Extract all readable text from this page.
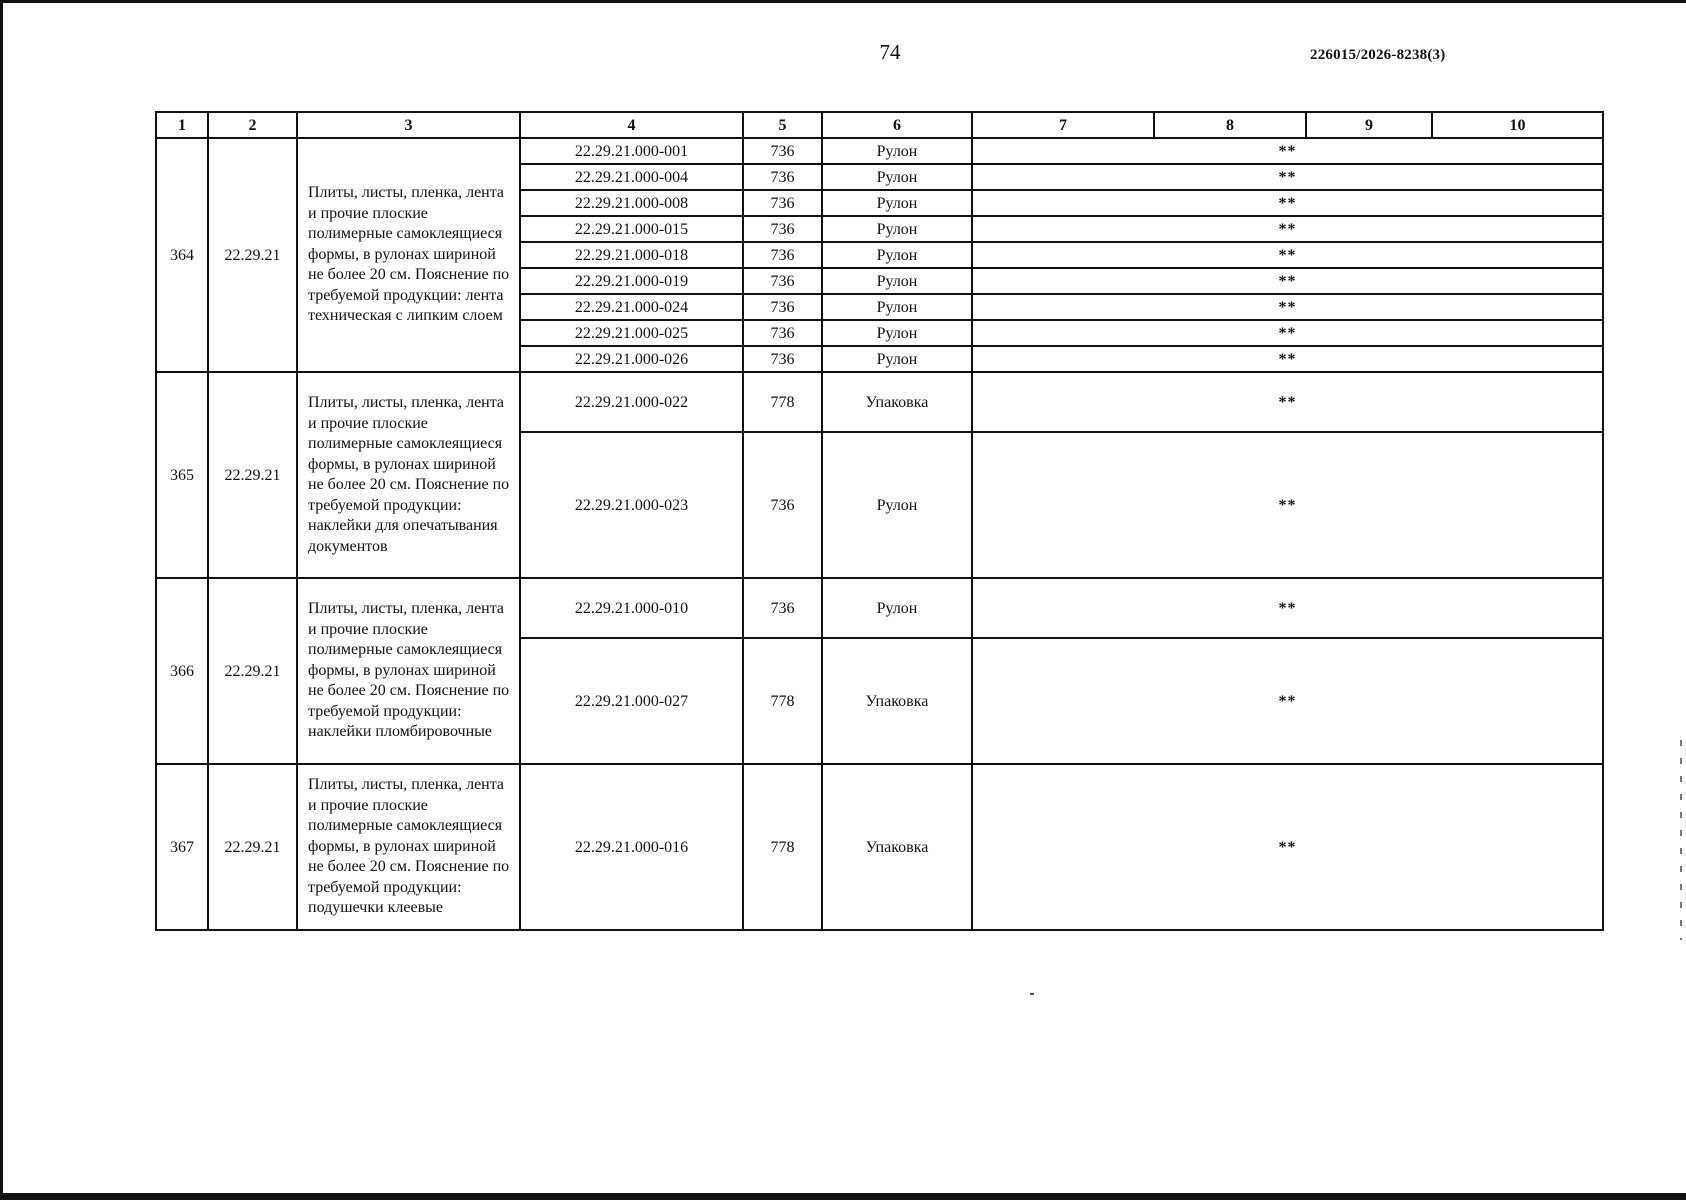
74	226015/2026-8238(3)
1	2	3	4	5	6	7	8	9	10
364	22.29.21	Плиты, листы, пленка, лента и прочие плоские полимерные самоклеящиеся формы, в рулонах шириной не более 20 см. Пояснение по требуемой продукции: лента техническая с липким слоем	22.29.21.000-001	736	Рулон	**			
			22.29.21.000-004	736	Рулон	**			
			22.29.21.000-008	736	Рулон	**			
			22.29.21.000-015	736	Рулон	**			
			22.29.21.000-018	736	Рулон	**			
			22.29.21.000-019	736	Рулон	**			
			22.29.21.000-024	736	Рулон	**			
			22.29.21.000-025	736	Рулон	**			
			22.29.21.000-026	736	Рулон	**			
365	22.29.21	Плиты, листы, пленка, лента и прочие плоские полимерные самоклеящиеся формы, в рулонах шириной не более 20 см. Пояснение по требуемой продукции: наклейки для опечатывания документов	22.29.21.000-022	778	Упаковка	**			
			22.29.21.000-023	736	Рулон	**			
366	22.29.21	Плиты, листы, пленка, лента и прочие плоские полимерные самоклеящиеся формы, в рулонах шириной не более 20 см. Пояснение по требуемой продукции: наклейки пломбировочные	22.29.21.000-010	736	Рулон	**			
			22.29.21.000-027	778	Упаковка	**			
367	22.29.21	Плиты, листы, пленка, лента и прочие плоские полимерные самоклеящиеся формы, в рулонах шириной не более 20 см. Пояснение по требуемой продукции: подушечки клеевые	22.29.21.000-016	778	Упаковка	**			
